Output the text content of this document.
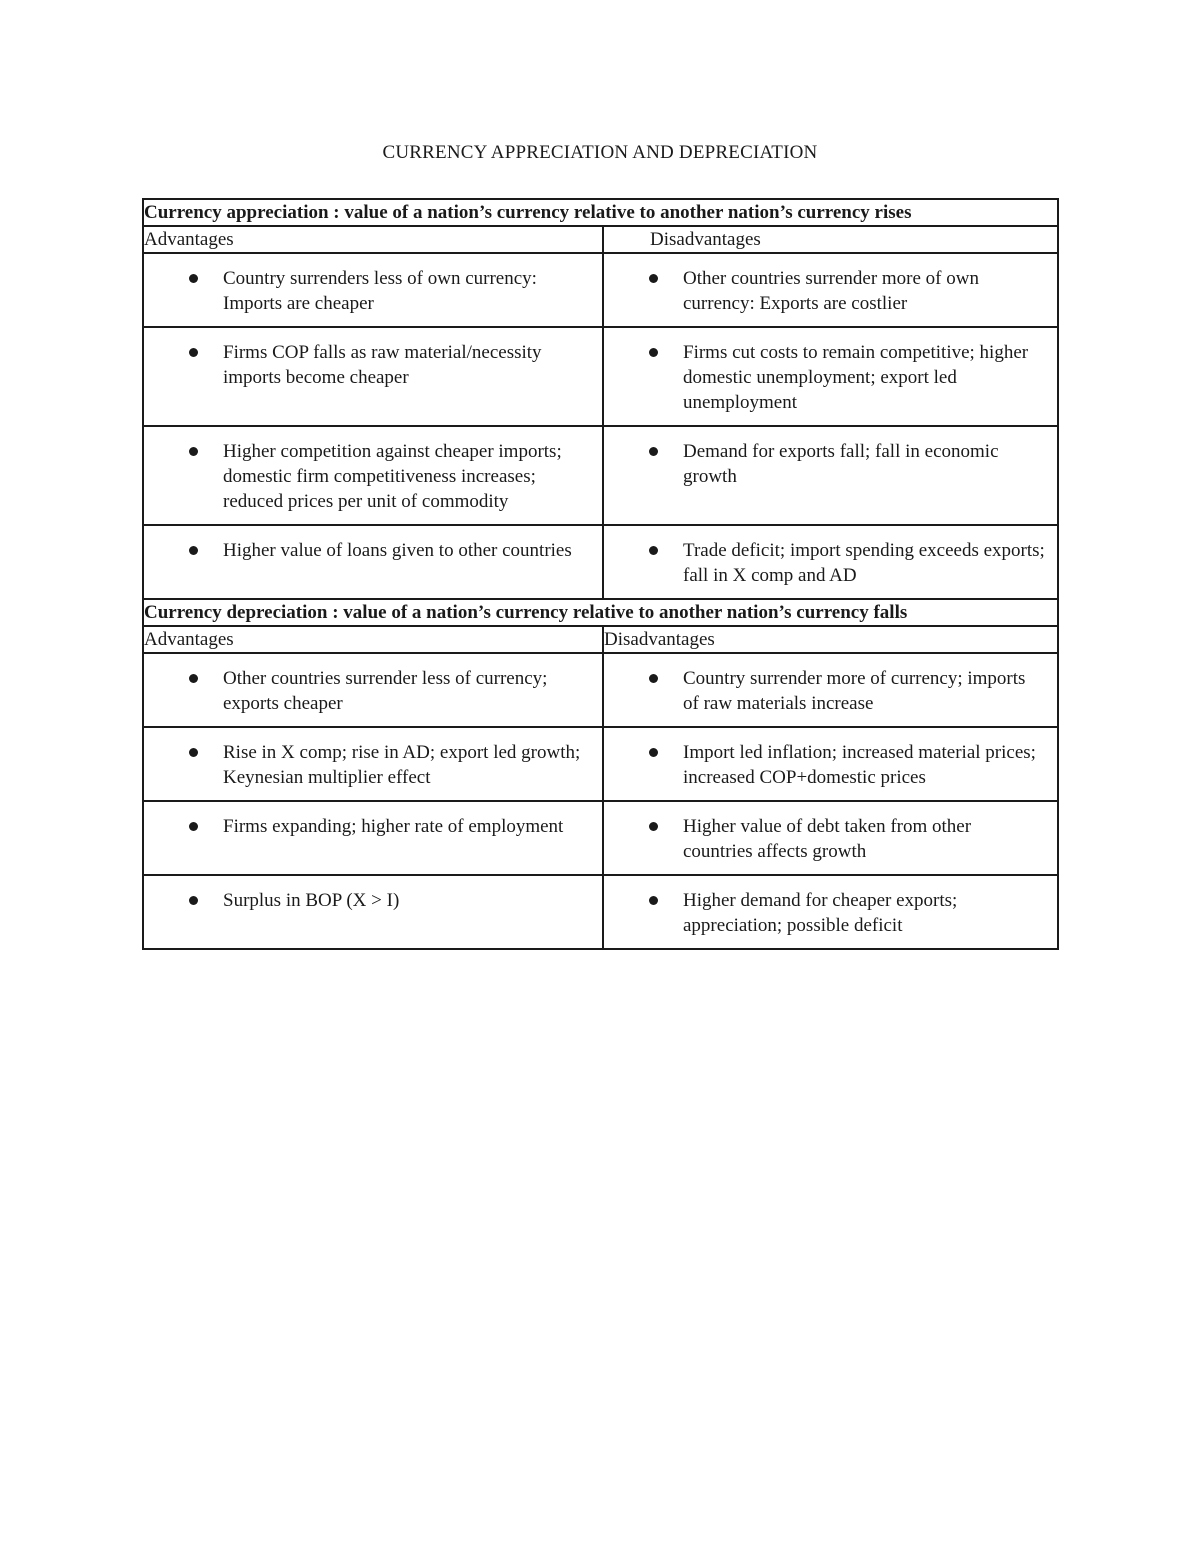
CURRENCY APPRECIATION AND DEPRECIATION
Currency appreciation : value of a nation’s currency relative to another nation’s currency rises	
Advantages	Disadvantages

Country surrenders less of own currency: Imports are cheaper	Other countries surrender more of own currency: Exports are costlier

Firms COP falls as raw material/necessity imports become cheaper	Firms cut costs to remain competitive; higher domestic unemployment; export led unemployment

Higher competition against cheaper imports; domestic firm competitiveness increases; reduced prices per unit of commodity	Demand for exports fall; fall in economic growth

Higher value of loans given to other countries	Trade deficit; import spending exceeds exports; fall in X comp and AD
Currency depreciation : value of a nation’s currency relative to another nation’s currency falls	
Advantages	Disadvantages

Other countries surrender less of currency; exports cheaper	Country surrender more of currency; imports of raw materials increase

Rise in X comp; rise in AD; export led growth; Keynesian multiplier effect	Import led inflation; increased material prices; increased COP+domestic prices

Firms expanding; higher rate of employment	Higher value of debt taken from other countries affects growth

Surplus in BOP (X > I)	Higher demand for cheaper exports; appreciation; possible deficit
